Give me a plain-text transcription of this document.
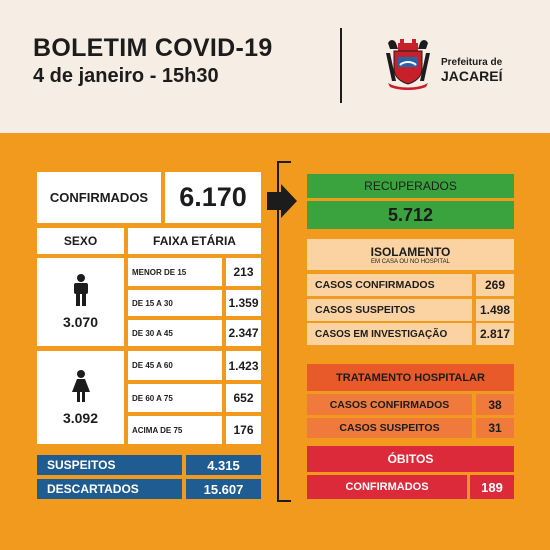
BOLETIM COVID-19
4 de janeiro - 15h30
Prefeitura de
JACAREÍ
CONFIRMADOS	6.170
SEXO	FAIXA ETÁRIA
3.070
3.092
MENOR DE 15	213
DE 15 A 30	1.359
DE 30 A 45	2.347
DE 45 A 60	1.423
DE 60 A 75	652
ACIMA DE 75	176
SUSPEITOS	4.315
DESCARTADOS	15.607
RECUPERADOS
5.712
ISOLAMENTO
EM CASA OU NO HOSPITAL
CASOS CONFIRMADOS	269
CASOS SUSPEITOS	1.498
CASOS EM INVESTIGAÇÃO	2.817
TRATAMENTO HOSPITALAR
CASOS CONFIRMADOS	38
CASOS SUSPEITOS	31
ÓBITOS
CONFIRMADOS	189
